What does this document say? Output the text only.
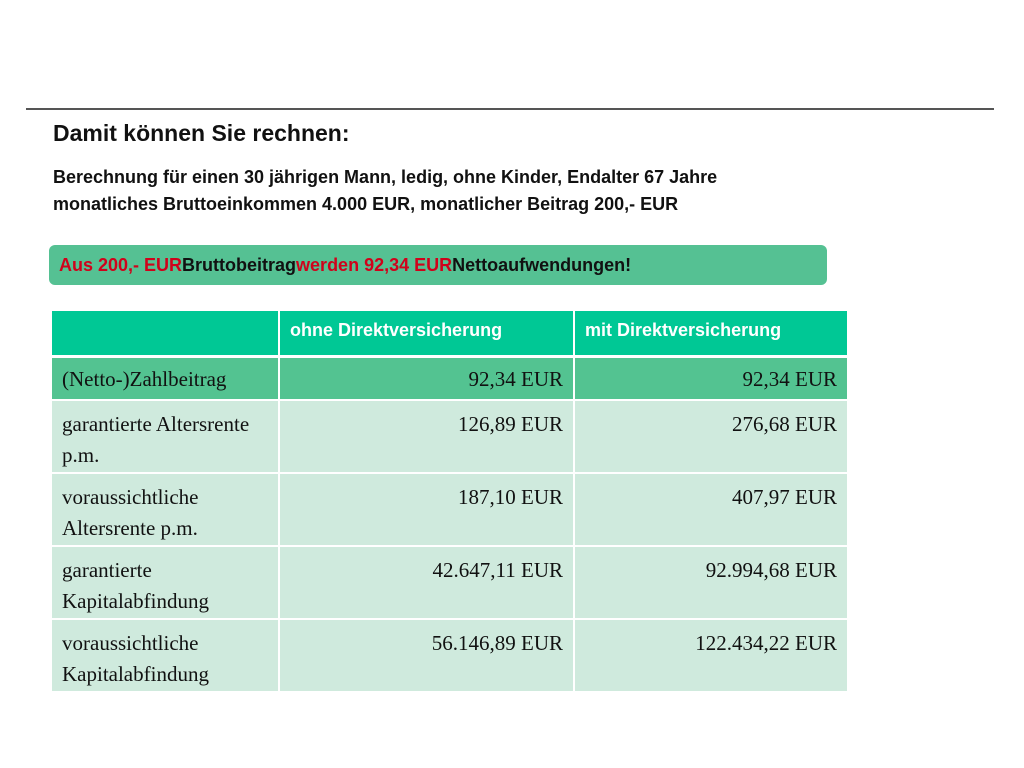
Damit können Sie rechnen:

Berechnung für einen 30 jährigen Mann, ledig, ohne Kinder, Endalter 67 Jahre

monatliches Bruttoeinkommen 4.000 EUR, monatlicher Beitrag 200,- EUR

Aus 200,- EUR Bruttobeitrag werden 92,34 EUR Nettoaufwendungen!
	ohne Direktversicherung	mit Direktversicherung
(Netto-)Zahlbeitrag	92,34 EUR	92,34 EUR
garantierte Altersrente p.m.	126,89 EUR	276,68 EUR
voraussichtliche Altersrente p.m.	187,10 EUR	407,97 EUR
garantierte Kapitalabfindung	42.647,11 EUR	92.994,68 EUR
voraussichtliche Kapitalabfindung	56.146,89 EUR	122.434,22 EUR
